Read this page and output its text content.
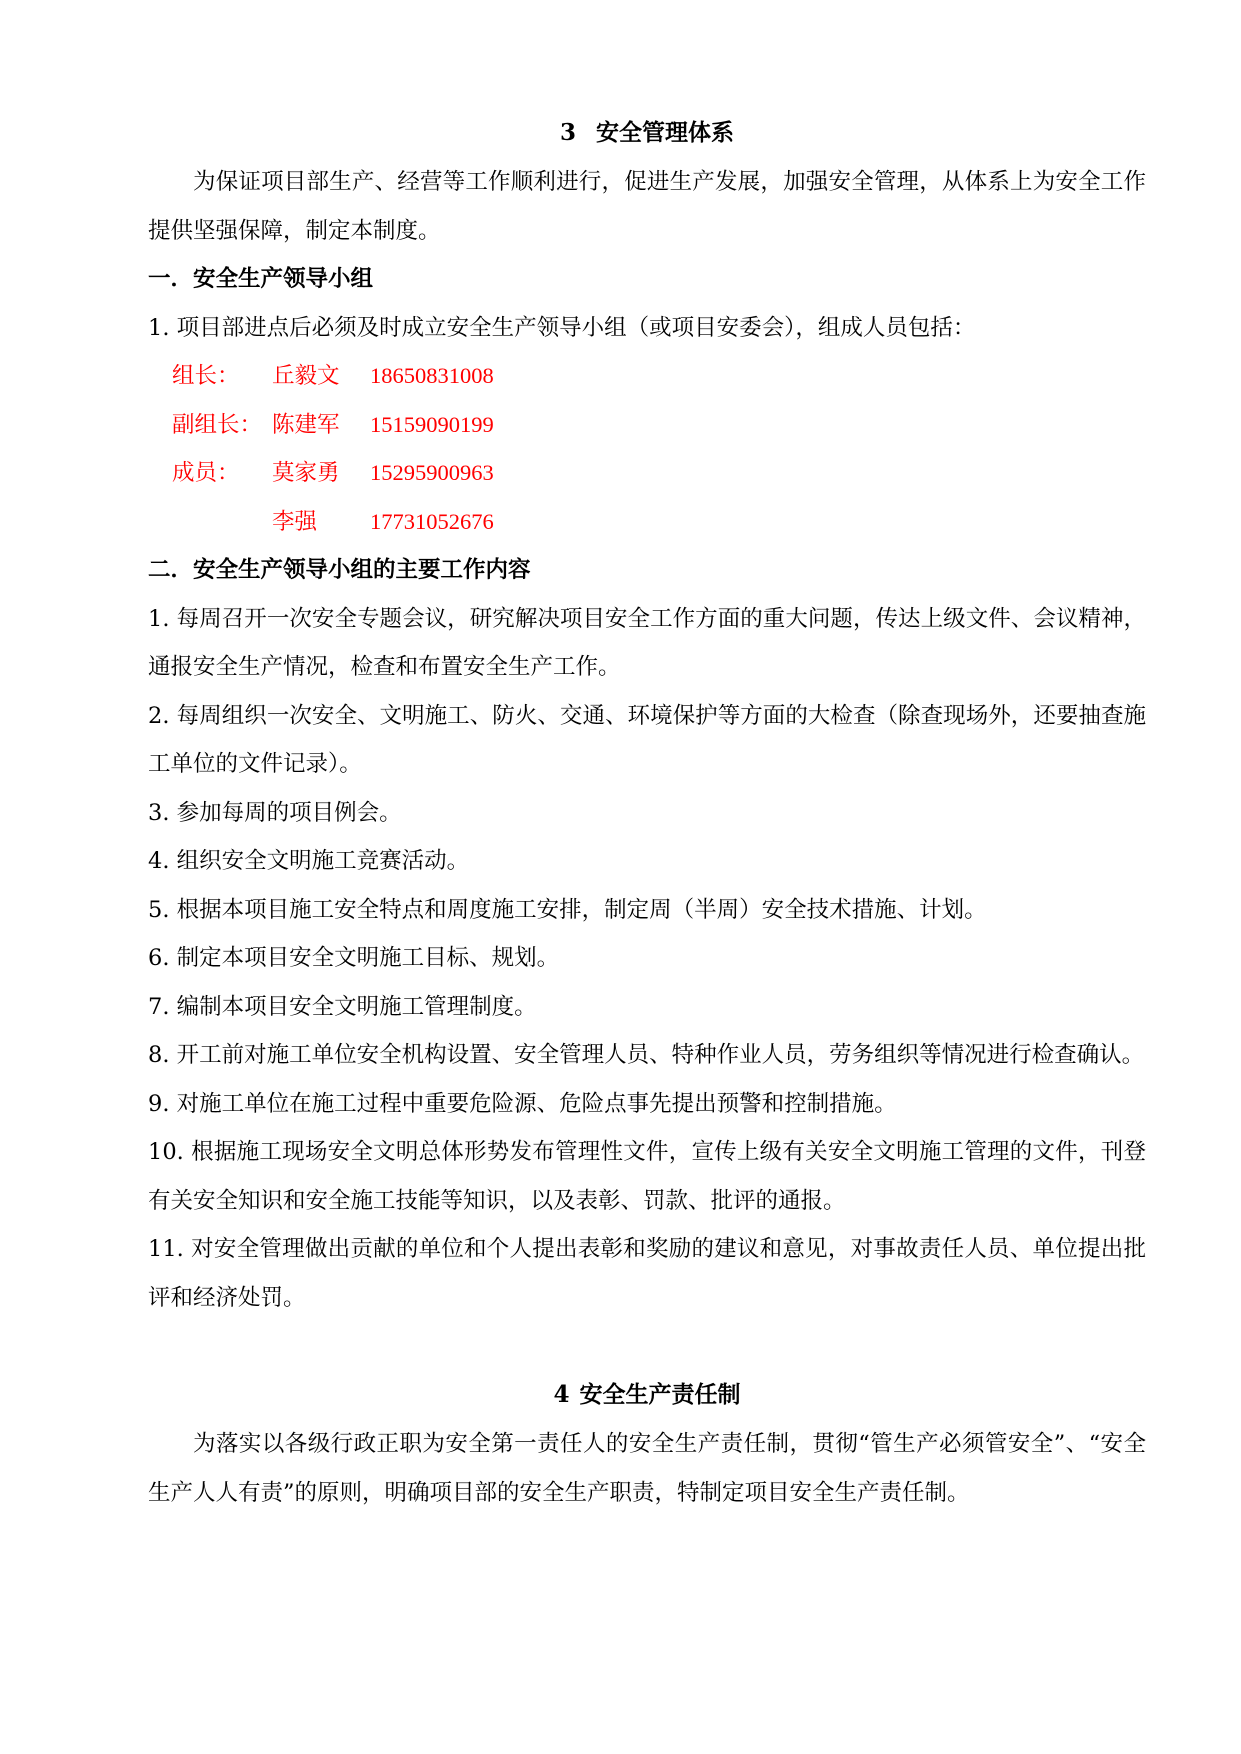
3 安全管理体系

为保证项目部生产、经营等工作顺利进行，促进生产发展，加强安全管理，从体系上为安全工作提供坚强保障，制定本制度。

一．安全生产领导小组

1. 项目部进点后必须及时成立安全生产领导小组（或项目安委会），组成人员包括：

组长： 丘毅文 18650831008
副组长： 陈建军 15159090199
成员： 莫家勇 15295900963
李强 17731052676

二．安全生产领导小组的主要工作内容

1. 每周召开一次安全专题会议，研究解决项目安全工作方面的重大问题，传达上级文件、会议精神，通报安全生产情况，检查和布置安全生产工作。

2. 每周组织一次安全、文明施工、防火、交通、环境保护等方面的大检查（除查现场外，还要抽查施工单位的文件记录）。

3. 参加每周的项目例会。

4. 组织安全文明施工竞赛活动。

5. 根据本项目施工安全特点和周度施工安排，制定周（半周）安全技术措施、计划。

6. 制定本项目安全文明施工目标、规划。

7. 编制本项目安全文明施工管理制度。

8. 开工前对施工单位安全机构设置、安全管理人员、特种作业人员，劳务组织等情况进行检查确认。

9. 对施工单位在施工过程中重要危险源、危险点事先提出预警和控制措施。

10. 根据施工现场安全文明总体形势发布管理性文件，宣传上级有关安全文明施工管理的文件，刊登有关安全知识和安全施工技能等知识，以及表彰、罚款、批评的通报。

11. 对安全管理做出贡献的单位和个人提出表彰和奖励的建议和意见，对事故责任人员、单位提出批评和经济处罚。

4 安全生产责任制

为落实以各级行政正职为安全第一责任人的安全生产责任制，贯彻“管生产必须管安全”、“安全生产人人有责”的原则，明确项目部的安全生产职责，特制定项目安全生产责任制。
